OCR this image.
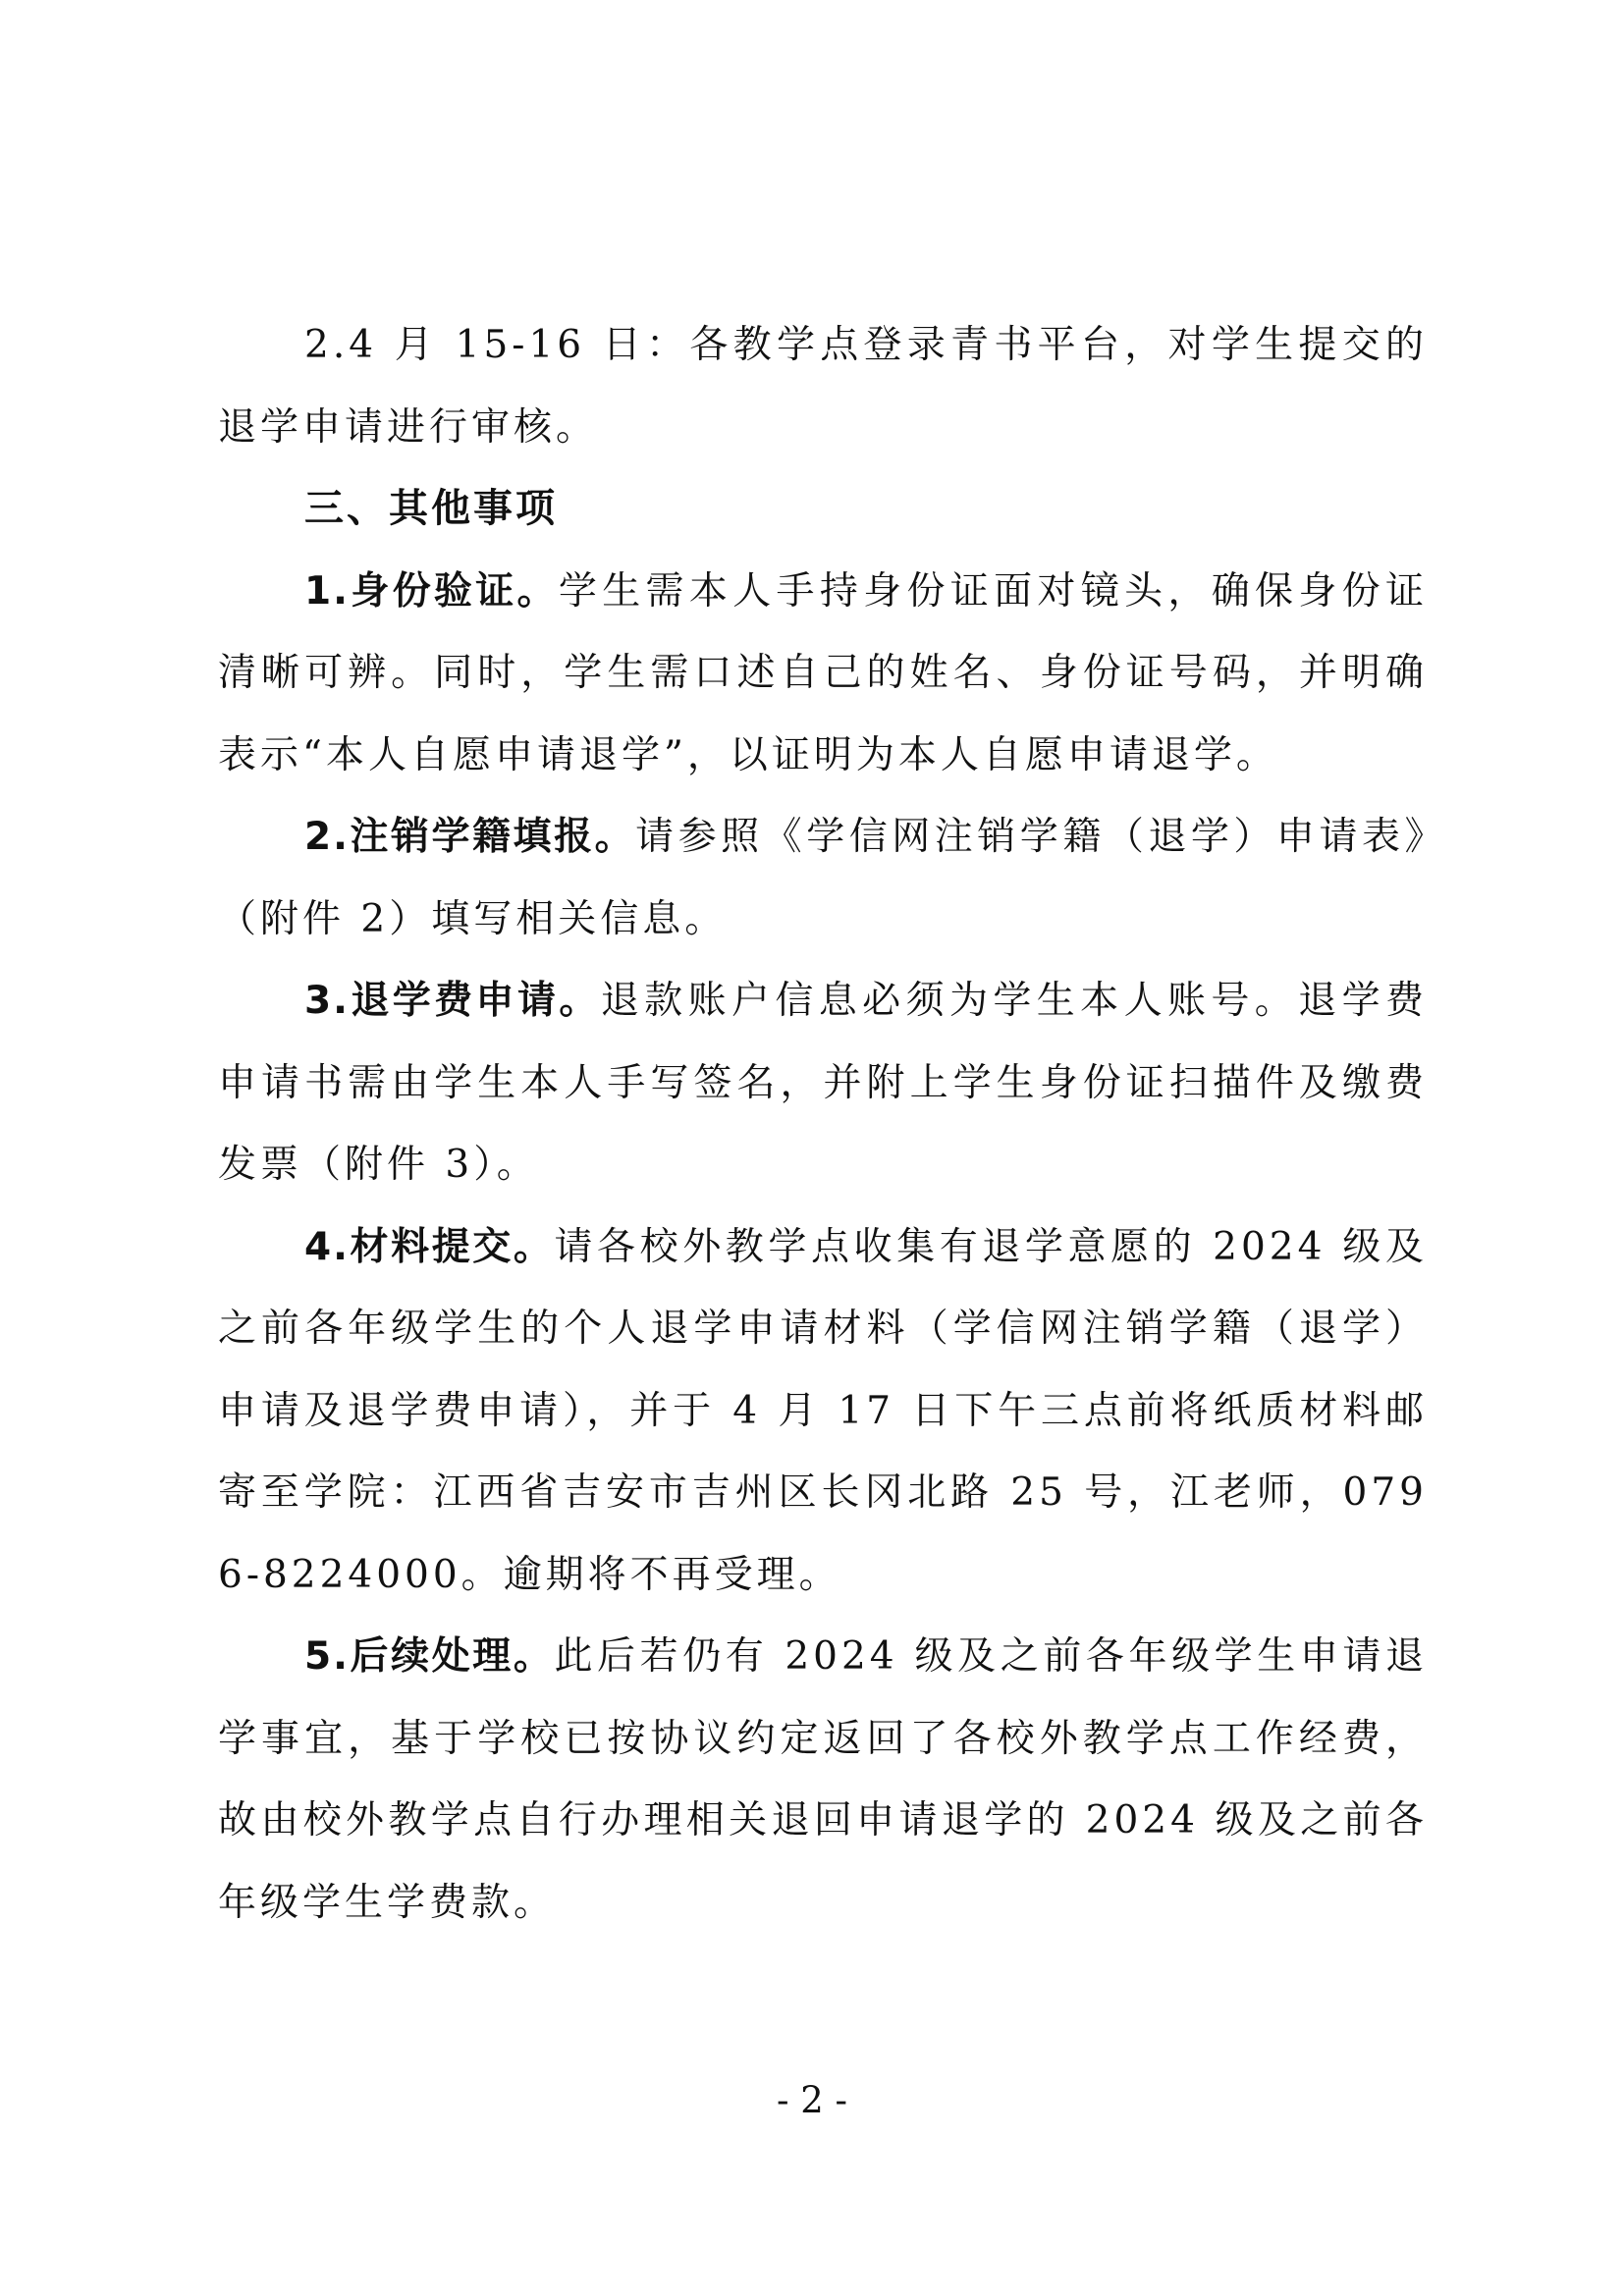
2.4 月 15-16 日：各教学点登录青书平台，对学生提交的退学申请进行审核。

三、其他事项

1.身份验证。学生需本人手持身份证面对镜头，确保身份证清晰可辨。同时，学生需口述自己的姓名、身份证号码，并明确表示“本人自愿申请退学”，以证明为本人自愿申请退学。

2.注销学籍填报。请参照《学信网注销学籍（退学）申请表》（附件 2）填写相关信息。

3.退学费申请。退款账户信息必须为学生本人账号。退学费申请书需由学生本人手写签名，并附上学生身份证扫描件及缴费发票（附件 3）。

4.材料提交。请各校外教学点收集有退学意愿的 2024 级及之前各年级学生的个人退学申请材料（学信网注销学籍（退学）申请及退学费申请），并于 4 月 17 日下午三点前将纸质材料邮寄至学院：江西省吉安市吉州区长冈北路 25 号，江老师，0796-8224000。逾期将不再受理。

5.后续处理。此后若仍有 2024 级及之前各年级学生申请退学事宜，基于学校已按协议约定返回了各校外教学点工作经费，故由校外教学点自行办理相关退回申请退学的 2024 级及之前各年级学生学费款。

- 2 -
